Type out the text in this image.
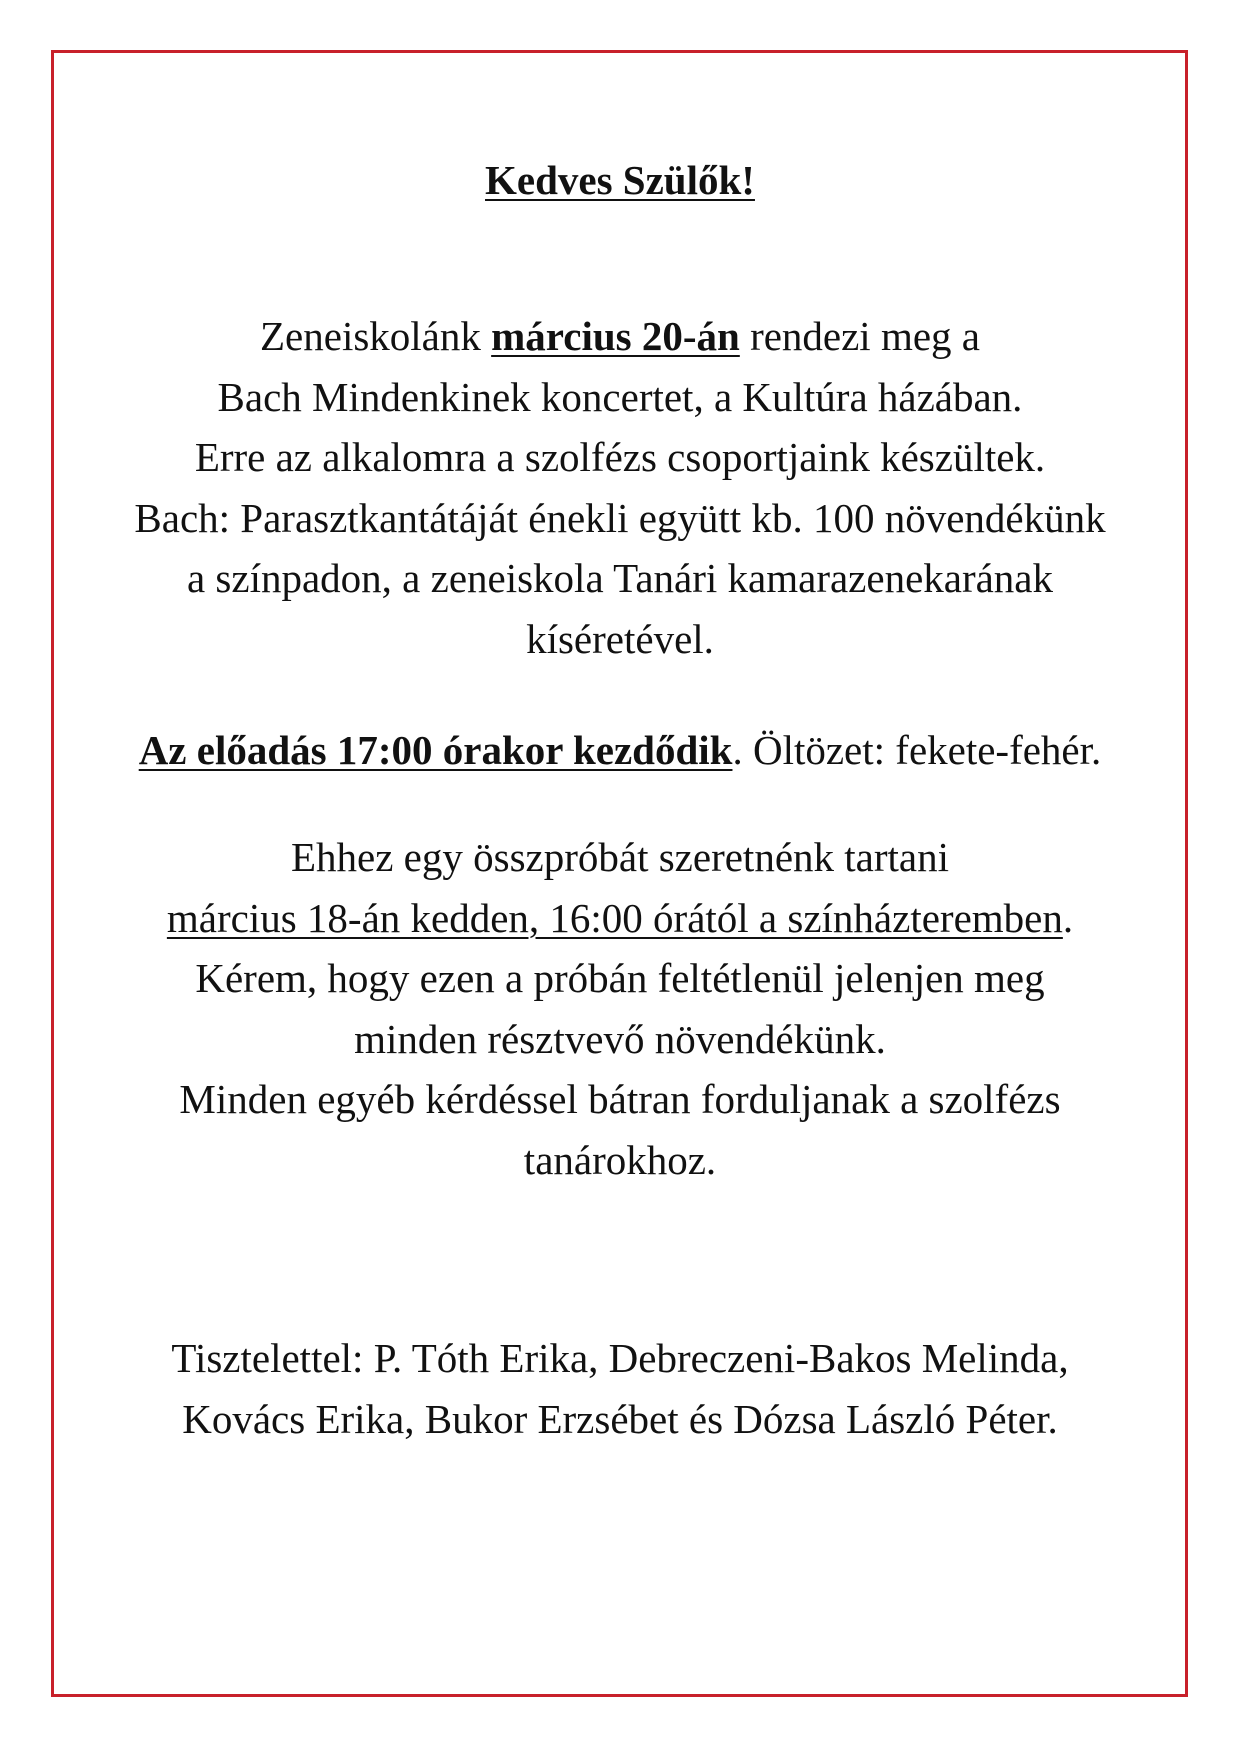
Kedves Szülők!
Zeneiskolánk március 20-án rendezi meg a
Bach Mindenkinek koncertet, a Kultúra házában.
Erre az alkalomra a szolfézs csoportjaink készültek.
Bach: Parasztkantátáját énekli együtt kb. 100 növendékünk
a színpadon, a zeneiskola Tanári kamarazenekarának
kíséretével.
Az előadás 17:00 órakor kezdődik. Öltözet: fekete-fehér.
Ehhez egy összpróbát szeretnénk tartani
március 18-án kedden, 16:00 órától a színházteremben.
Kérem, hogy ezen a próbán feltétlenül jelenjen meg
minden résztvevő növendékünk.
Minden egyéb kérdéssel bátran forduljanak a szolfézs
tanárokhoz.
Tisztelettel: P. Tóth Erika, Debreczeni-Bakos Melinda,
Kovács Erika, Bukor Erzsébet és Dózsa László Péter.
